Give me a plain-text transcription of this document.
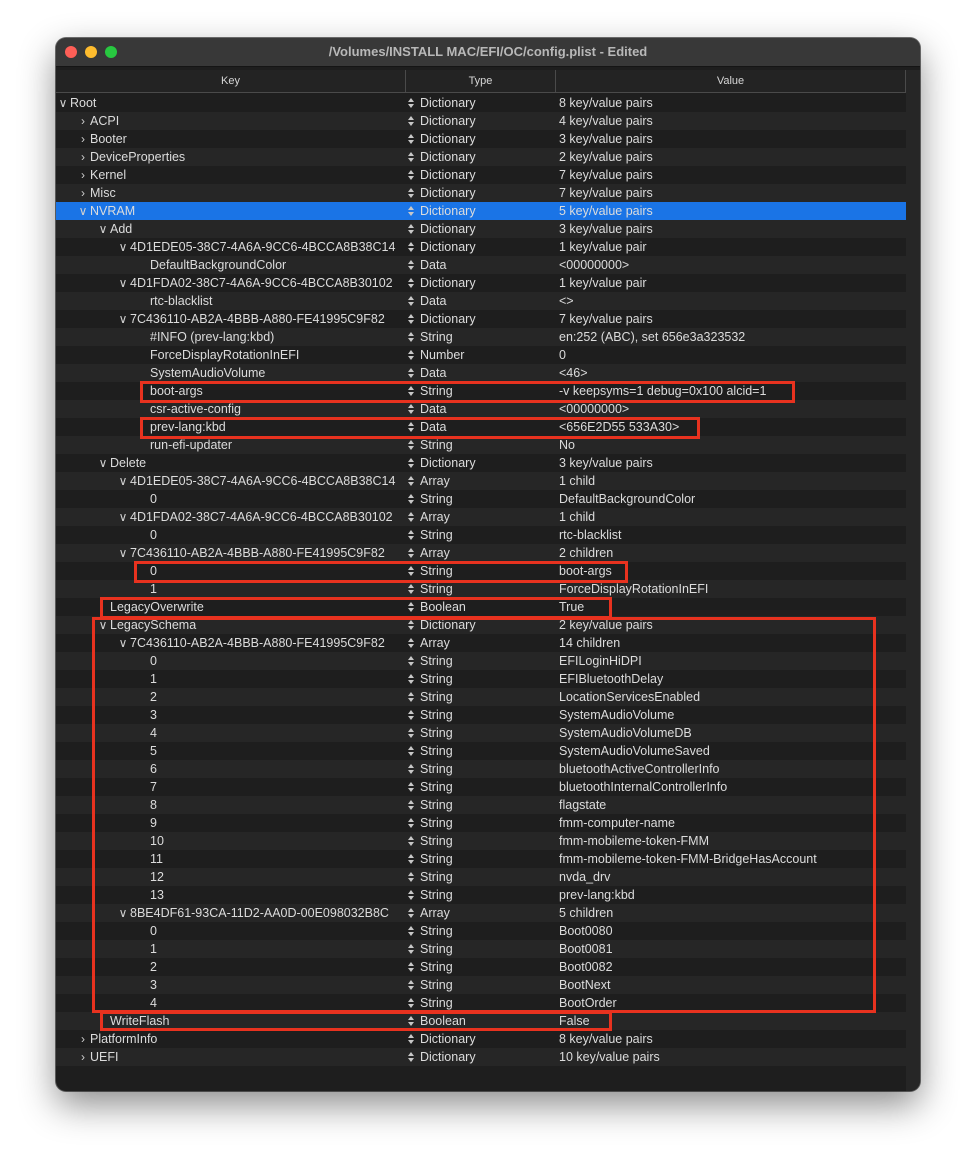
/Volumes/INSTALL MAC/EFI/OC/config.plist - Edited
Key	Type	Value
∨ Root	Dictionary	8 key/value pairs
› ACPI	Dictionary	4 key/value pairs
› Booter	Dictionary	3 key/value pairs
› DeviceProperties	Dictionary	2 key/value pairs
› Kernel	Dictionary	7 key/value pairs
› Misc	Dictionary	7 key/value pairs
∨ NVRAM	Dictionary	5 key/value pairs
∨ Add	Dictionary	3 key/value pairs
∨ 4D1EDE05-38C7-4A6A-9CC6-4BCCA8B38C14 Dictionary	1 key/value pair
DefaultBackgroundColor	Data	<00000000>
∨ 4D1FDA02-38C7-4A6A-9CC6-4BCCA8B30102 Dictionary	1 key/value pair
rtc-blacklist	Data	<>
∨ 7C436110-AB2A-4BBB-A880-FE41995C9F82	Dictionary	7 key/value pairs
#INFO (prev-lang:kbd)	String	en:252 (ABC), set 656e3a323532
ForceDisplayRotationInEFI	Number	0
SystemAudioVolume	Data	<46>
boot-args	String	-v keepsyms=1 debug=0x100 alcid=1
csr-active-config	Data	<00000000>
prev-lang:kbd	Data	<656E2D55 533A30>
run-efi-updater	String	No
∨ Delete	Dictionary	3 key/value pairs
∨ 4D1EDE05-38C7-4A6A-9CC6-4BCCA8B38C14 Array	1 child
0	String	DefaultBackgroundColor
∨ 4D1FDA02-38C7-4A6A-9CC6-4BCCA8B30102 Array	1 child
0	String	rtc-blacklist
∨ 7C436110-AB2A-4BBB-A880-FE41995C9F82	Array	2 children
0	String	boot-args
1	String	ForceDisplayRotationInEFI
LegacyOverwrite	Boolean	True
∨ LegacySchema	Dictionary	2 key/value pairs
∨ 7C436110-AB2A-4BBB-A880-FE41995C9F82	Array	14 children
0	String	EFILoginHiDPI
1	String	EFIBluetoothDelay
2	String	LocationServicesEnabled
3	String	SystemAudioVolume
4	String	SystemAudioVolumeDB
5	String	SystemAudioVolumeSaved
6	String	bluetoothActiveControllerInfo
7	String	bluetoothInternalControllerInfo
8	String	flagstate
9	String	fmm-computer-name
10	String	fmm-mobileme-token-FMM
11	String	fmm-mobileme-token-FMM-BridgeHasAccount
12	String	nvda_drv
13	String	prev-lang:kbd
∨ 8BE4DF61-93CA-11D2-AA0D-00E098032B8C Array	5 children
0	String	Boot0080
1	String	Boot0081
2	String	Boot0082
3	String	BootNext
4	String	BootOrder
WriteFlash	Boolean	False
› PlatformInfo	Dictionary	8 key/value pairs
› UEFI	Dictionary	10 key/value pairs
